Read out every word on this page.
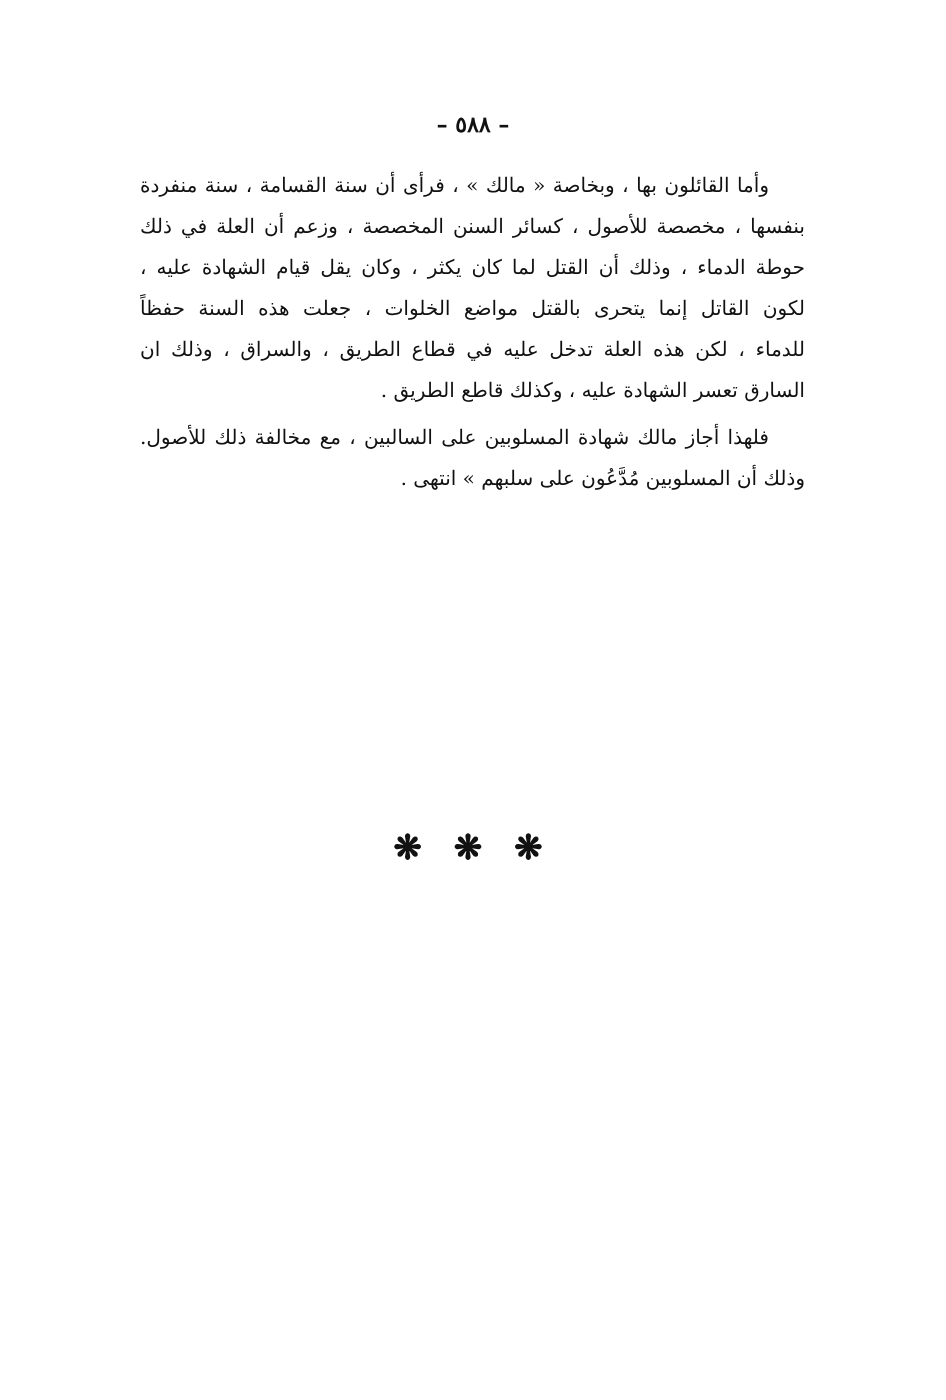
– ٥٨٨ –
وأما القائلون بها ، وبخاصة « مالك » ، فرأى أن سنة القسامة ، سنة منفردة
بنفسها ، مخصصة للأصول ، كسائر السنن المخصصة ، وزعم أن العلة في ذلك
حوطة الدماء ، وذلك أن القتل لما كان يكثر ، وكان يقل قيام الشهادة عليه ،
لكون القاتل إنما يتحرى بالقتل مواضع الخلوات ، جعلت هذه السنة حفظاً
للدماء ، لكن هذه العلة تدخل عليه في قطاع الطريق ، والسراق ، وذلك ان
السارق تعسر الشهادة عليه ، وكذلك قاطع الطريق .
فلهذا أجاز مالك شهادة المسلوبين على السالبين ، مع مخالفة ذلك للأصول.
وذلك أن المسلوبين مُدَّعُون على سلبهم » انتهى .
❋ ❋ ❋
